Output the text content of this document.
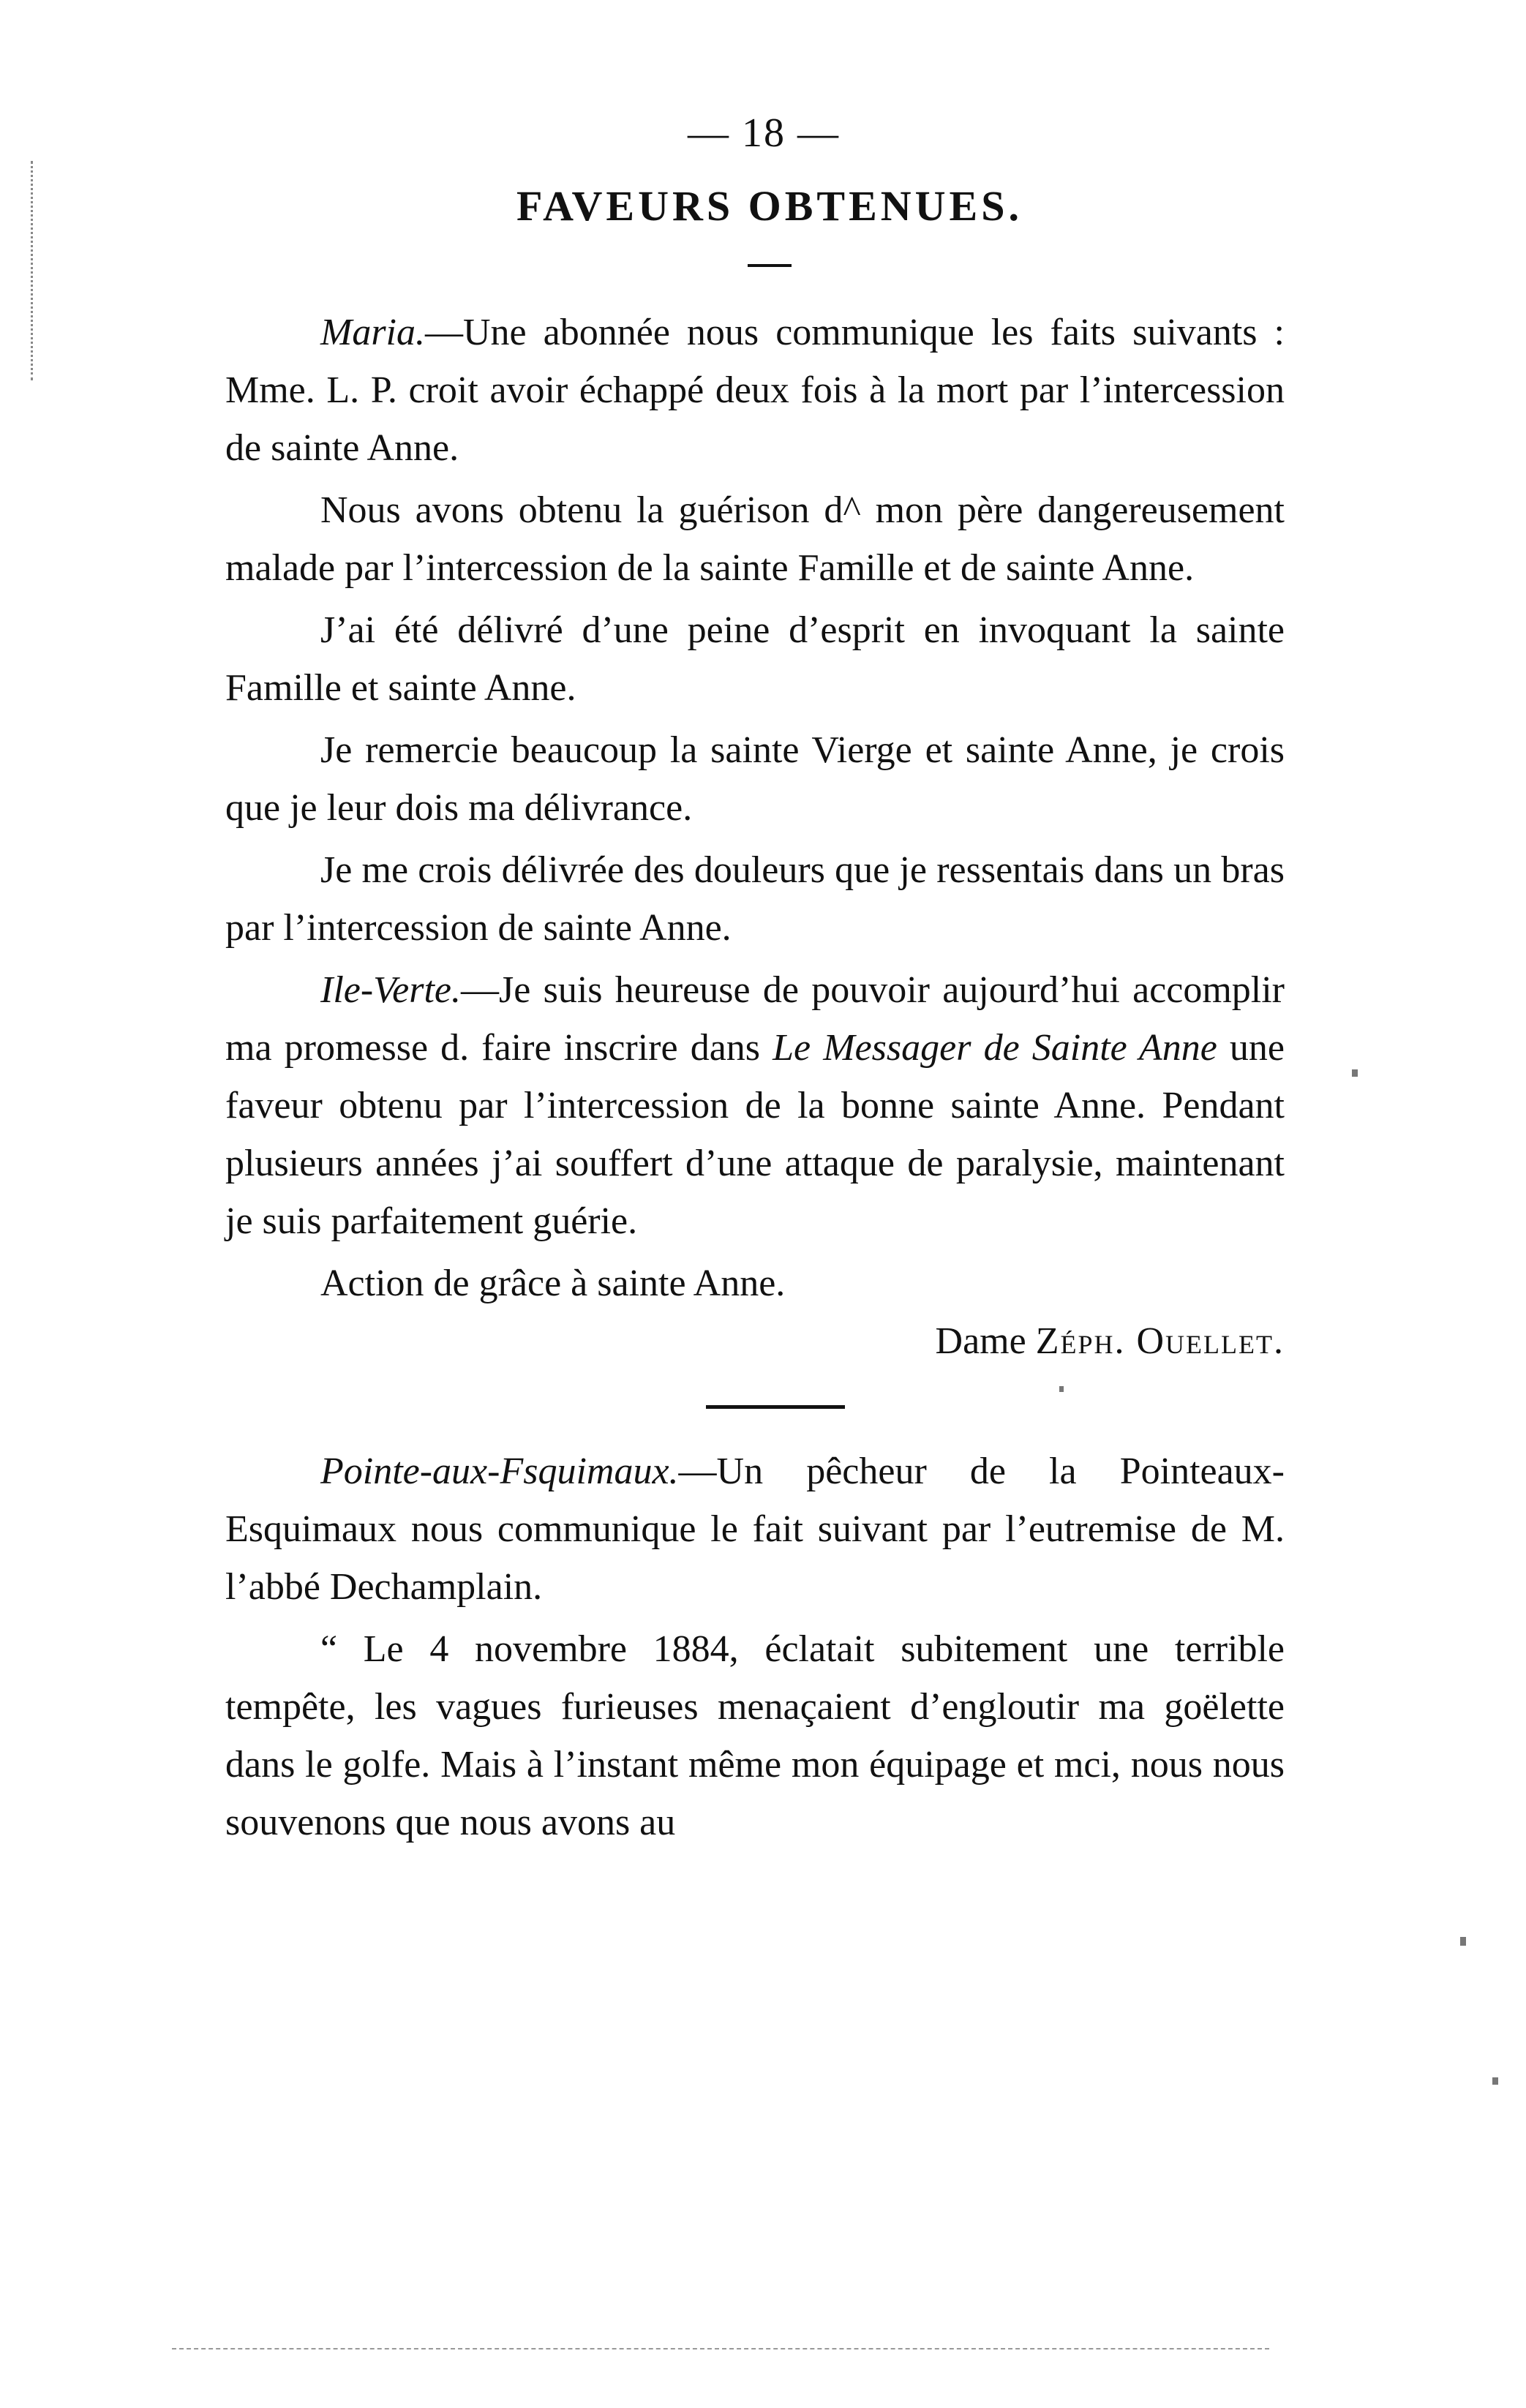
— 18 —
FAVEURS OBTENUES.

Maria.—Une abonnée nous communique les faits suivants : Mme. L. P. croit avoir échappé deux fois à la mort par l’intercession de sainte Anne.

Nous avons obtenu la guérison d^ mon père dangereusement malade par l’intercession de la sainte Famille et de sainte Anne.

J’ai été délivré d’une peine d’esprit en invoquant la sainte Famille et sainte Anne.

Je remercie beaucoup la sainte Vierge et sainte Anne, je crois que je leur dois ma délivrance.

Je me crois délivrée des douleurs que je ressentais dans un bras par l’intercession de sainte Anne.

Ile-Verte.—Je suis heureuse de pouvoir aujourd’hui accomplir ma promesse d. faire inscrire dans Le Messager de Sainte Anne une faveur obtenu par l’intercession de la bonne sainte Anne. Pendant plusieurs années j’ai souffert d’une attaque de paralysie, maintenant je suis parfaitement guérie.

Action de grâce à sainte Anne.

Dame Zéph. Ouellet.

Pointe-aux-Fsquimaux.—Un pêcheur de la Pointeaux-Esquimaux nous communique le fait suivant par l’eutremise de M. l’abbé Dechamplain.

“ Le 4 novembre 1884, éclatait subitement une terrible tempête, les vagues furieuses menaçaient d’engloutir ma goëlette dans le golfe. Mais à l’instant même mon équipage et mci, nous nous souvenons que nous avons au
